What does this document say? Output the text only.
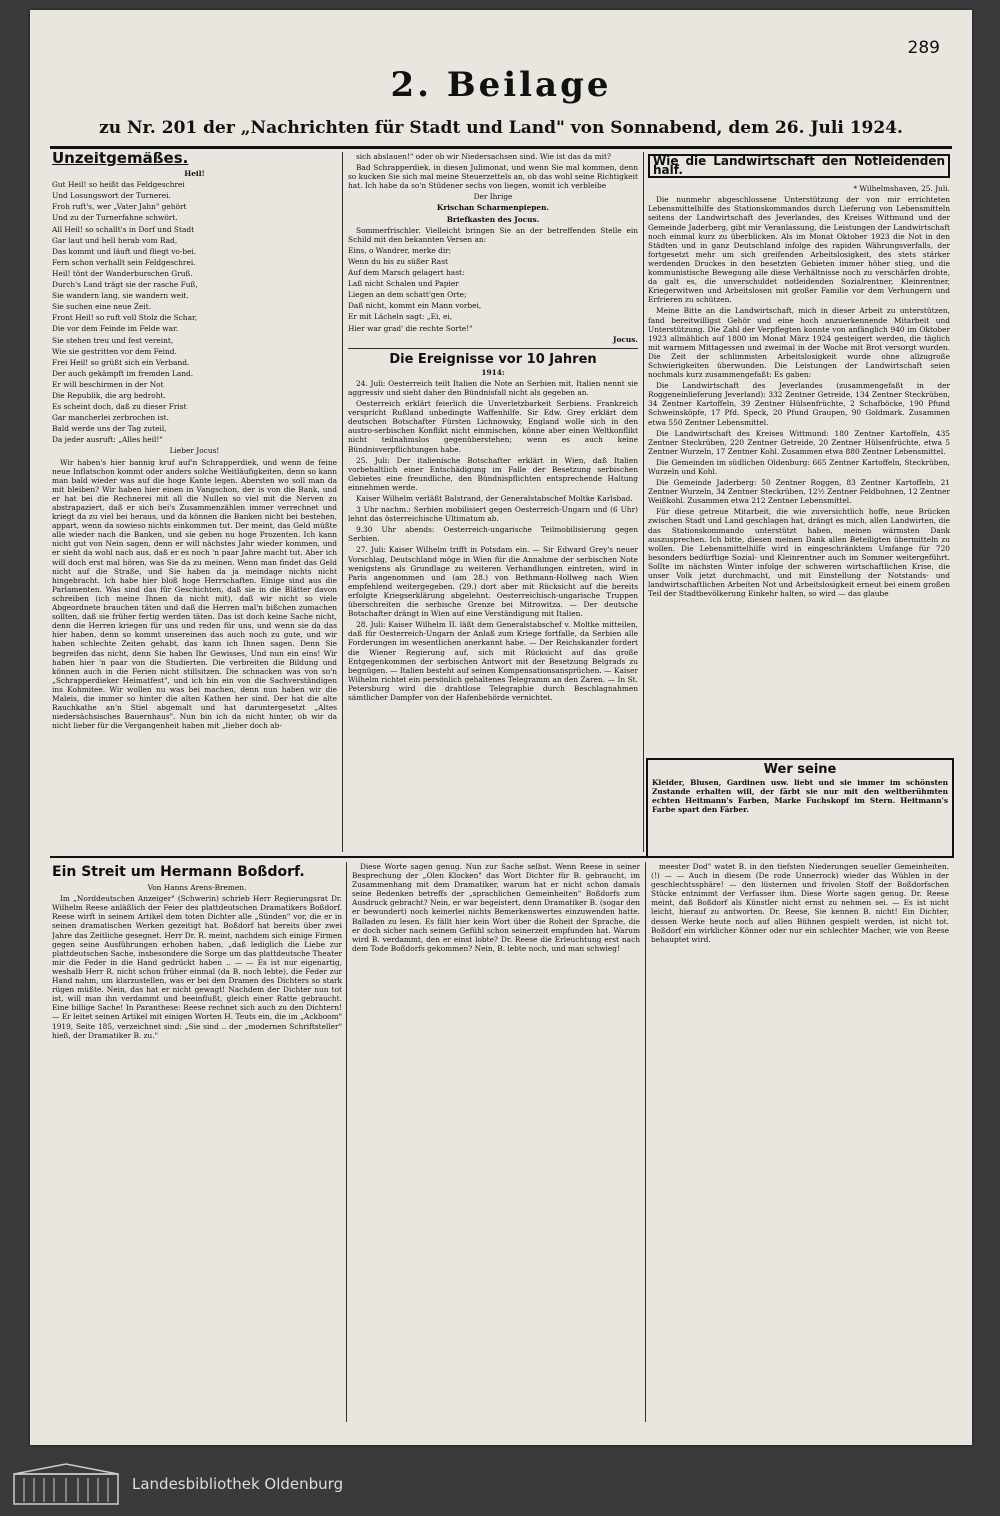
289
2. Beilage
zu Nr. 201 der „Nachrichten für Stadt und Land" von Sonnabend, dem 26. Juli 1924.
Unzeitgemäßes.

Heil!

Gut Heil! so heißt das Feldgeschrei

Und Losungswort der Turnerei.

Froh ruft's, wer „Vater Jahn" gehört

Und zu der Turnerfahne schwört.

All Heil! so schallt's in Dorf und Stadt

Gar laut und hell herab vom Rad,

Das kommt und läuft und fliegt vo-bei.

Fern schon verhallt sein Feldgeschrei.

Heil! tönt der Wanderburschen Gruß.

Durch's Land trägt sie der rasche Fuß,

Sie wandern lang, sie wandern weit.

Sie suchen eine neue Zeit.

Front Heil! so ruft voll Stolz die Schar,

Die vor dem Feinde im Felde war.

Sie stehen treu und fest vereint,

Wie sie gestritten vor dem Feind.

Frei Heil! so grüßt sich ein Verband.

Der auch gekämpft im fremden Land.

Er will beschirmen in der Not

Die Republik, die arg bedroht.

Es scheint doch, daß zu dieser Frist

Gar mancherlei zerbrochen ist.

Bald werde uns der Tag zuteil,

Da jeder ausruft: „Alles heil!"

Lieber Jocus!

Wir haben's hier bannig kruf auf'n Schrapperdiek, und wenn de feine neue Inflatschon kommt oder anders solche Weitläufigkeiten, denn so kann man bald wieder was auf die hoge Kante legen. Abersten wo soll man da mit bleiben? Wir haben hier einen in Vangschon, der is von die Bank, und er hat bei die Rechnerei mit all die Nullen so viel mit die Nerven zu abstrapaziert, daß er sich bei's Zusammenzählen immer verrechnet und kriegt da zu viel bei heraus, und da können die Banken nicht bei bestehen, appart, wenn da sowieso nichts einkommen tut. Der meint, das Geld müßte alle wieder nach die Banken, und sie geben nu hoge Prozenten. Ich kann nicht gut von Nein sagen, denn er will nächstes Jahr wieder kommen, und er sieht da wohl nach aus, daß er es noch 'n paar Jahre macht tut. Aber ich will doch erst mal hören, was Sie da zu meinen. Wenn man findet das Geld nicht auf die Straße, und Sie haben da ja meindage nichts nicht hingebracht. Ich habe hier bloß hoge Herrschaften. Einige sind aus die Parlamenten. Was sind das für Geschichten, daß sie in die Blätter davon schreiben (ich meine Ihnen da nicht mit), daß wir nicht so viele Abgeordnete brauchen täten und daß die Herren mal'n bißchen zumachen sollten, daß sie früher fertig werden täten. Das ist doch keine Sache nicht, denn die Herren kriegen für uns und reden für uns, und wenn sie da das hier haben, denn so kommt unsereinen das auch noch zu gute, und wir haben schlechte Zeiten gehabt, das kann ich Ihnen sagen. Denn Sie begreifen das nicht, denn Sie haben Ihr Gewisses, Und nun ein eins! Wir haben hier 'n paar von die Studierten. Die verbreiten die Bildung und können auch in die Ferien nicht stillsitzen. Die schnacken was von so'n „Schrapperdieker Heimatfest", und ich bin ein von die Sachverständigen ins Kohmitee. Wir wollen nu was bei machen, denn nun haben wir die Maleis, die immer so hinter die alten Kathen her sind. Der hat die alte Rauchkathe an'n Stiel abgemalt und hat daruntergesetzt „Altes niedersächsisches Bauernhaus". Nun bin ich da nicht hinter, ob wir da nicht lieber für die Vergangenheit haben mit „lieber doch ab-

sich abslauen!" oder ob wir Niedersachsen sind. Wie ist das da mit?

Bad Schrapperdiek, in diesen Julimonat, und wenn Sie mal kommen, denn so kucken Sie sich mal meine Steuerzettels an, ob das wohl seine Richtigkeit hat. Ich habe da so'n Stüdener sechs von liegen, womit ich verbleibe

Der Ihrige

Krischan Scharmenpiepen.

Briefkasten des Jocus.

Sommerfrischler. Vielleicht bringen Sie an der betreffenden Stelle ein Schild mit den bekannten Versen an:

Eins, o Wandrer, merke dir;

Wenn du bis zu süßer Rast

Auf dem Marsch gelagert hast:

Laß nicht Schalen und Papier

Liegen an dem schatt'gen Orte;

Daß nicht, kommt ein Mann vorbei,

Er mit Lächeln sagt: „Ei, ei,

Hier war grad' die rechte Sorte!"

Jocus.

Die Ereignisse vor 10 Jahren

1914:

24. Juli: Oesterreich teilt Italien die Note an Serbien mit, Italien nennt sie aggressiv und sieht daher den Bündnisfall nicht als gegeben an.

Oesterreich erklärt feierlich die Unverletzbarkeit Serbiens. Frankreich verspricht Rußland unbedingte Waffenhilfe. Sir Edw. Grey erklärt dem deutschen Botschafter Fürsten Lichnowsky, England wolle sich in den austro-serbischen Konflikt nicht einmischen, könne aber einen Weltkonflikt nicht teilnahmslos gegenüberstehen; wenn es auch keine Bündnisverpflichtungen habe.

25. Juli: Der italienische Botschafter erklärt in Wien, daß Italien vorbehaltlich einer Entschädigung im Falle der Besetzung serbischen Gebietes eine freundliche, den Bündnispflichten entsprechende Haltung einnehmen werde.

Kaiser Wilhelm verläßt Balstrand, der Generalstabschef Moltke Karlsbad.

3 Uhr nachm.: Serbien mobilisiert gegen Oesterreich-Ungarn und (6 Uhr) lehnt das österreichische Ultimatum ab.

9.30 Uhr abends: Oesterreich-ungarische Teilmobilisierung gegen Serbien.

27. Juli: Kaiser Wilhelm trifft in Potsdam ein. — Sir Edward Grey's neuer Vorschlag, Deutschland möge in Wien für die Annahme der serbischen Note wenigstens als Grundlage zu weiteren Verhandlungen eintreten, wird in Paris angenommen und (am 28.) von Bethmann-Hollweg nach Wien empfehlend weitergegeben. (29.) dort aber mit Rücksicht auf die bereits erfolgte Kriegserklärung abgelehnt. Oesterreichisch-ungarische Truppen überschreiten die serbische Grenze bei Mitrowitza. — Der deutsche Botschafter drängt in Wien auf eine Verständigung mit Italien.

28. Juli: Kaiser Wilhelm II. läßt dem Generalstabschef v. Moltke mitteilen, daß für Oesterreich-Ungarn der Anlaß zum Kriege fortfalle, da Serbien alle Forderungen im wesentlichen anerkannt habe. — Der Reichskanzler fordert die Wiener Regierung auf, sich mit Rücksicht auf das große Entgegenkommen der serbischen Antwort mit der Besetzung Belgrads zu begnügen. — Italien besteht auf seinen Kompensationsansprüchen. — Kaiser Wilhelm richtet ein persönlich gehaltenes Telegramm an den Zaren. — In St. Petersburg wird die drahtlose Telegraphie durch Beschlagnahmen sämtlicher Dampfer von der Hafenbehörde vernichtet.

Wie die Landwirtschaft den Notleidenden half.

* Wilhelmshaven, 25. Juli.

Die nunmehr abgeschlossene Unterstützung der von mir errichteten Lebensmittelhilfe des Stationskommandos durch Lieferung von Lebensmitteln seitens der Landwirtschaft des Jeverlandes, des Kreises Wittmund und der Gemeinde Jaderberg, gibt mir Veranlassung, die Leistungen der Landwirtschaft noch einmal kurz zu überblicken. Als im Monat Oktober 1923 die Not in den Städten und in ganz Deutschland infolge des rapiden Währungsverfalls, der fortgesetzt mehr um sich greifenden Arbeitslosigkeit, des stets stärker werdenden Druckes in den besetzten Gebieten immer höher stieg, und die kommunistische Bewegung alle diese Verhältnisse noch zu verschärfen drohte, da galt es, die unverschuldet notleidenden Sozialrentner, Kleinrentner, Kriegerwitwen und Arbeitslosen mit großer Familie vor dem Verhungern und Erfrieren zu schützen.

Meine Bitte an die Landwirtschaft, mich in dieser Arbeit zu unterstützen, fand bereitwilligst Gehör und eine hoch anzuerkennende Mitarbeit und Unterstützung. Die Zahl der Verpflegten konnte von anfänglich 940 im Oktober 1923 allmählich auf 1800 im Monat März 1924 gesteigert werden, die täglich mit warmem Mittagessen und zweimal in der Woche mit Brot versorgt wurden. Die Zeit der schlimmsten Arbeitslosigkeit wurde ohne allzugroße Schwierigkeiten überwunden. Die Leistungen der Landwirtschaft seien nochmals kurz zusammengefaßt: Es gaben:

Die Landwirtschaft des Jeverlandes (zusammengefaßt in der Roggeneinlieferung Jeverland): 332 Zentner Getreide, 134 Zentner Steckrüben, 34 Zentner Kartoffeln, 39 Zentner Hülsenfrüchte, 2 Schafböcke, 190 Pfund Schweinsköpfe, 17 Pfd. Speck, 20 Pfund Graupen, 90 Goldmark. Zusammen etwa 550 Zentner Lebensmittel.

Die Landwirtschaft des Kreises Wittmund: 180 Zentner Kartoffeln, 435 Zentner Steckrüben, 220 Zentner Getreide, 20 Zentner Hülsenfrüchte, etwa 5 Zentner Wurzeln, 17 Zentner Kohl. Zusammen etwa 880 Zentner Lebensmittel.

Die Gemeinden im südlichen Oldenburg: 665 Zentner Kartoffeln, Steckrüben, Wurzeln und Kohl.

Die Gemeinde Jaderberg: 50 Zentner Roggen, 83 Zentner Kartoffeln, 21 Zentner Wurzeln, 34 Zentner Steckrüben, 12½ Zentner Feldbohnen, 12 Zentner Weißkohl. Zusammen etwa 212 Zentner Lebensmittel.

Für diese getreue Mitarbeit, die wie zuversichtlich hoffe, neue Brücken zwischen Stadt und Land geschlagen hat, drängt es mich, allen Landwirten, die das Stationskommando unterstützt haben, meinen wärmsten Dank auszusprechen. Ich bitte, diesen meinen Dank allen Beteiligten übermitteln zu wollen. Die Lebensmittelhilfe wird in eingeschränktem Umfange für 720 besonders bedürftige Sozial- und Kleinrentner auch im Sommer weitergeführt. Sollte im nächsten Winter infolge der schweren wirtschaftlichen Krise, die unser Volk jetzt durchmacht, und mit Einstellung der Notstands- und landwirtschaftlichen Arbeiten Not und Arbeitslosigkeit erneut bei einem großen Teil der Stadtbevölkerung Einkehr halten, so wird — das glaube

Wer seine
Kleider, Blusen, Gardinen usw. liebt und sie immer im schönsten Zustande erhalten will, der färbt sie nur mit den weltberühmten echten Heitmann's Farben, Marke Fuchskopf im Stern. Heitmann's Farbe spart den Färber.
Ein Streit um Hermann Boßdorf.

Von Hanns Arens-Bremen.

Im „Norddeutschen Anzeiger" (Schwerin) schrieb Herr Regierungsrat Dr. Wilhelm Reese anläßlich der Feier des plattdeutschen Dramatikers Boßdorf. Reese wirft in seinem Artikel dem toten Dichter alle „Sünden" vor, die er in seinen dramatischen Werken gezeitigt hat. Boßdorf hat bereits über zwei Jahre das Zeitliche gesegnet. Herr Dr. R. meint, nachdem sich einige Firmen gegen seine Ausführungen erhoben haben, „daß lediglich die Liebe zur plattdeutschen Sache, insbesondere die Sorge um das plattdeutsche Theater mir die Feder in die Hand gedrückt haben .. — — Es ist nur eigenartig, weshalb Herr R. nicht schon früher einmal (da B. noch lebte), die Feder zur Hand nahm, um klarzustellen, was er bei den Dramen des Dichters so stark rügen müßte. Nein, das hat er nicht gewagt! Nachdem der Dichter nun tot ist, will man ihn verdammt und beeinflußt, gleich einer Ratte gebraucht. Eine billige Sache! In Paranthese: Reese rechnet sich auch zu den Dichtern! — Er leitet seinen Artikel mit einigen Worten H. Teuts ein, die im „Ackboom" 1919, Seite 185, verzeichnet sind: „Sie sind .. der „modernen Schriftsteller" hieß, der Dramatiker B. zu."

Diese Worte sagen genug. Nun zur Sache selbst. Wenn Reese in seiner Besprechung der „Olen Klocken" das Wort Dichter für B. gebraucht, im Zusammenhang mit dem Dramatiker, warum hat er nicht schon damals seine Bedenken betreffs der „sprachlichen Gemeinheiten" Boßdorfs zum Ausdruck gebracht? Nein, er war begeistert, denn Dramatiker B. (sogar den er bewundert) noch keinerlei nichts Bemerkenswertes einzuwenden hatte. Balladen zu lesen. Es fällt hier kein Wort über die Roheit der Sprache, die er doch sicher nach seinem Gefühl schon seinerzeit empfunden hat. Warum wird B. verdammt, den er einst lobte? Dr. Reese die Erleuchtung erst nach dem Tode Boßdorfs gekommen? Nein, B. lebte noch, und man schwieg!

meester Dod" watet B. in den tiefsten Niederungen seueller Gemeinheiten. (!) — — Auch in diesem (De rode Unnerrock) wieder das Wühlen in der geschlechtssphäre! — den lüsternen und frivolen Stoff der Boßdorfschen Stücke entnimmt der Verfasser ihm. Diese Worte sagen genug. Dr. Reese meint, daß Boßdorf als Künstler nicht ernst zu nehmen sei. — Es ist nicht leicht, hierauf zu antworten. Dr. Reese, Sie kennen B. nicht! Ein Dichter, dessen Werke heute noch auf allen Bühnen gespielt werden, ist nicht tot. Boßdorf ein wirklicher Könner oder nur ein schlechter Macher, wie von Reese behauptet wird.

Landesbibliothek Oldenburg
